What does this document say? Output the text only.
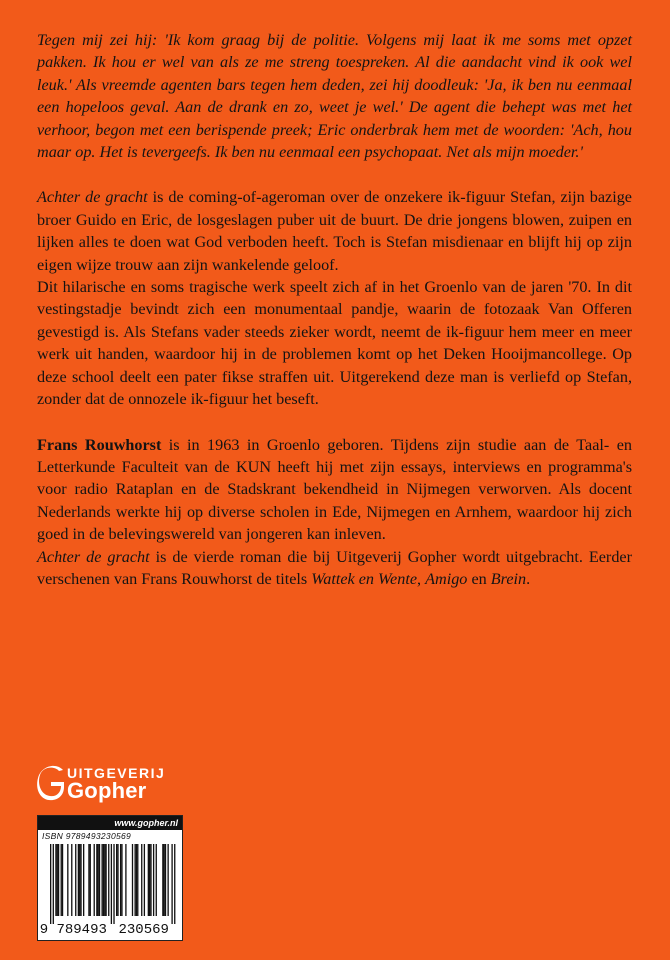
Tegen mij zei hij: 'Ik kom graag bij de politie. Volgens mij laat ik me soms met opzet pakken. Ik hou er wel van als ze me streng toespreken. Al die aandacht vind ik ook wel leuk.' Als vreemde agenten bars tegen hem deden, zei hij doodleuk: 'Ja, ik ben nu eenmaal een hopeloos geval. Aan de drank en zo, weet je wel.' De agent die behept was met het verhoor, begon met een berispende preek; Eric onderbrak hem met de woorden: 'Ach, hou maar op. Het is tevergeefs. Ik ben nu eenmaal een psychopaat. Net als mijn moeder.'

Achter de gracht is de coming-of-ageroman over de onzekere ik-figuur Stefan, zijn bazige broer Guido en Eric, de losgeslagen puber uit de buurt. De drie jongens blowen, zuipen en lijken alles te doen wat God verboden heeft. Toch is Stefan misdienaar en blijft hij op zijn eigen wijze trouw aan zijn wankelende geloof.

Dit hilarische en soms tragische werk speelt zich af in het Groenlo van de jaren '70. In dit vestingstadje bevindt zich een monumentaal pandje, waarin de fotozaak Van Offeren gevestigd is. Als Stefans vader steeds zieker wordt, neemt de ik-figuur hem meer en meer werk uit handen, waardoor hij in de problemen komt op het Deken Hooijmancollege. Op deze school deelt een pater fikse straffen uit. Uitgerekend deze man is verliefd op Stefan, zonder dat de onnozele ik-figuur het beseft.

Frans Rouwhorst is in 1963 in Groenlo geboren. Tijdens zijn studie aan de Taal- en Letterkunde Faculteit van de KUN heeft hij met zijn essays, interviews en programma's voor radio Rataplan en de Stadskrant bekendheid in Nijmegen verworven. Als docent Nederlands werkte hij op diverse scholen in Ede, Nijmegen en Arnhem, waardoor hij zich goed in de belevingswereld van jongeren kan inleven.

Achter de gracht is de vierde roman die bij Uitgeverij Gopher wordt uitgebracht. Eerder verschenen van Frans Rouwhorst de titels Wattek en Wente, Amigo en Brein.

UITGEVERIJ
Gopher
www.gopher.nl
ISBN 9789493230569
9 789493 230569
